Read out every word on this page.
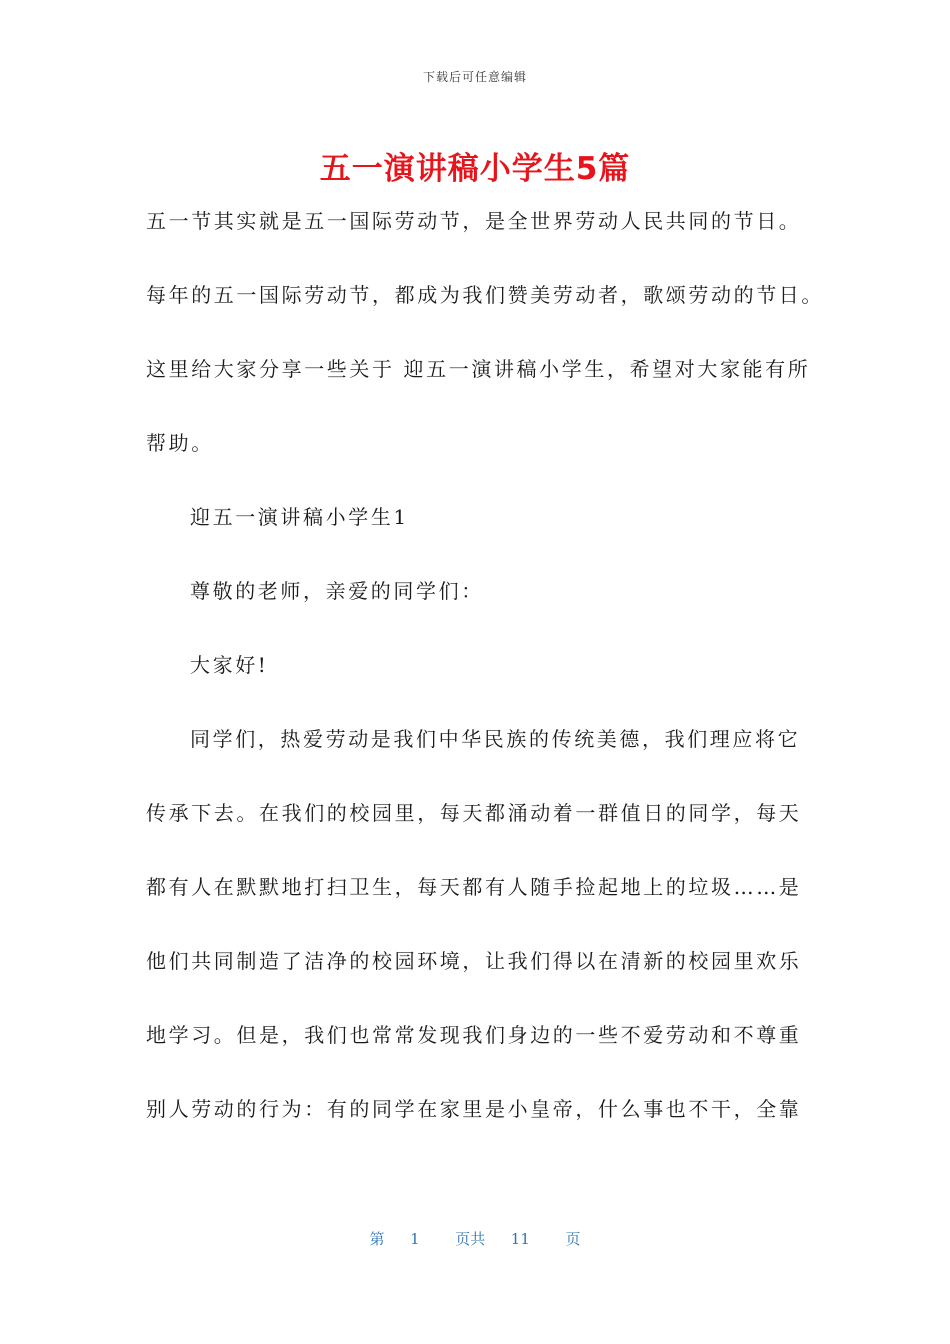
下载后可任意编辑
五一演讲稿小学生5篇
五一节其实就是五一国际劳动节，是全世界劳动人民共同的节日。
每年的五一国际劳动节，都成为我们赞美劳动者，歌颂劳动的节日。
这里给大家分享一些关于 迎五一演讲稿小学生，希望对大家能有所
帮助。
迎五一演讲稿小学生1
尊敬的老师，亲爱的同学们：
大家好!
同学们，热爱劳动是我们中华民族的传统美德，我们理应将它
传承下去。在我们的校园里，每天都涌动着一群值日的同学，每天
都有人在默默地打扫卫生，每天都有人随手捡起地上的垃圾……是
他们共同制造了洁净的校园环境，让我们得以在清新的校园里欢乐
地学习。但是，我们也常常发现我们身边的一些不爱劳动和不尊重
别人劳动的行为：有的同学在家里是小皇帝，什么事也不干，全靠
第 1 页共 11 页
